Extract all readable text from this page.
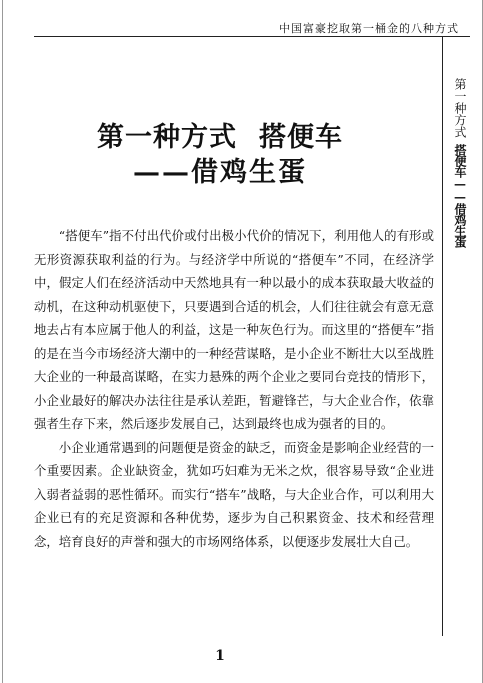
中国富豪挖取第一桶金的八种方式
第一种方式
搭便车——借鸡生蛋
第一种方式 搭便车
——借鸡生蛋

“搭便车”指不付出代价或付出极小代价的情况下，利用他人的有形或无形资源获取利益的行为。与经济学中所说的“搭便车”不同，在经济学中，假定人们在经济活动中天然地具有一种以最小的成本获取最大收益的动机，在这种动机驱使下，只要遇到合适的机会，人们往往就会有意无意地去占有本应属于他人的利益，这是一种灰色行为。而这里的“搭便车”指的是在当今市场经济大潮中的一种经营谋略，是小企业不断壮大以至战胜大企业的一种最高谋略，在实力悬殊的两个企业之要同台竞技的情形下，小企业最好的解决办法往往是承认差距，暂避锋芒，与大企业合作，依靠强者生存下来，然后逐步发展自己，达到最终也成为强者的目的。

小企业通常遇到的问题便是资金的缺乏，而资金是影响企业经营的一个重要因素。企业缺资金，犹如巧妇难为无米之炊，很容易导致“企业进入弱者益弱的恶性循环。而实行“搭车”战略，与大企业合作，可以利用大企业已有的充足资源和各种优势，逐步为自己积累资金、技术和经营理念，培育良好的声誉和强大的市场网络体系，以便逐步发展壮大自己。

1
